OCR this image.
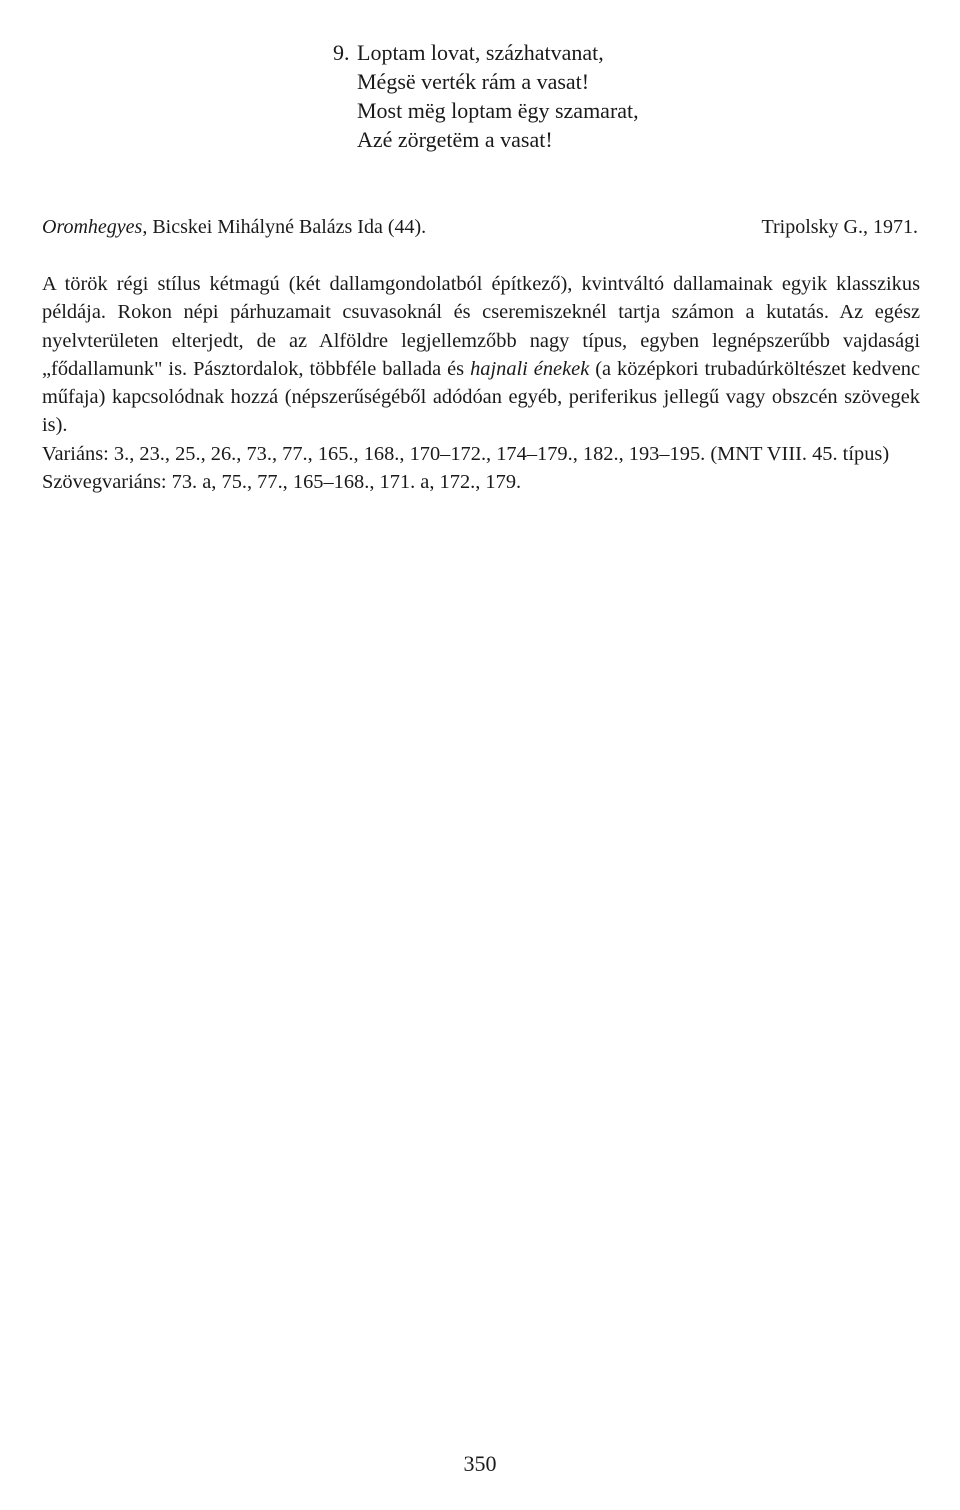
9. Loptam lovat, százhatvanat,
Mégsë verték rám a vasat!
Most mëg loptam ëgy szamarat,
Azé zörgetëm a vasat!
Oromhegyes, Bicskei Mihályné Balázs Ida (44).	Tripolsky G., 1971.

A török régi stílus kétmagú (két dallamgondolatból építkező), kvintváltó dallamainak egyik klasszikus példája. Rokon népi párhuzamait csuvasoknál és cseremiszeknél tartja számon a kutatás. Az egész nyelvterületen elterjedt, de az Alföldre legjellemzőbb nagy típus, egyben legnépszerűbb vajdasági „fődallamunk" is. Pásztordalok, többféle ballada és hajnali énekek (a középkori trubadúrköltészet kedvenc műfaja) kapcsolódnak hozzá (népszerűségéből adódóan egyéb, periferikus jellegű vagy obszcén szövegek is).

Variáns: 3., 23., 25., 26., 73., 77., 165., 168., 170–172., 174–179., 182., 193–195. (MNT VIII. 45. típus)

Szövegvariáns: 73. a, 75., 77., 165–168., 171. a, 172., 179.

350
